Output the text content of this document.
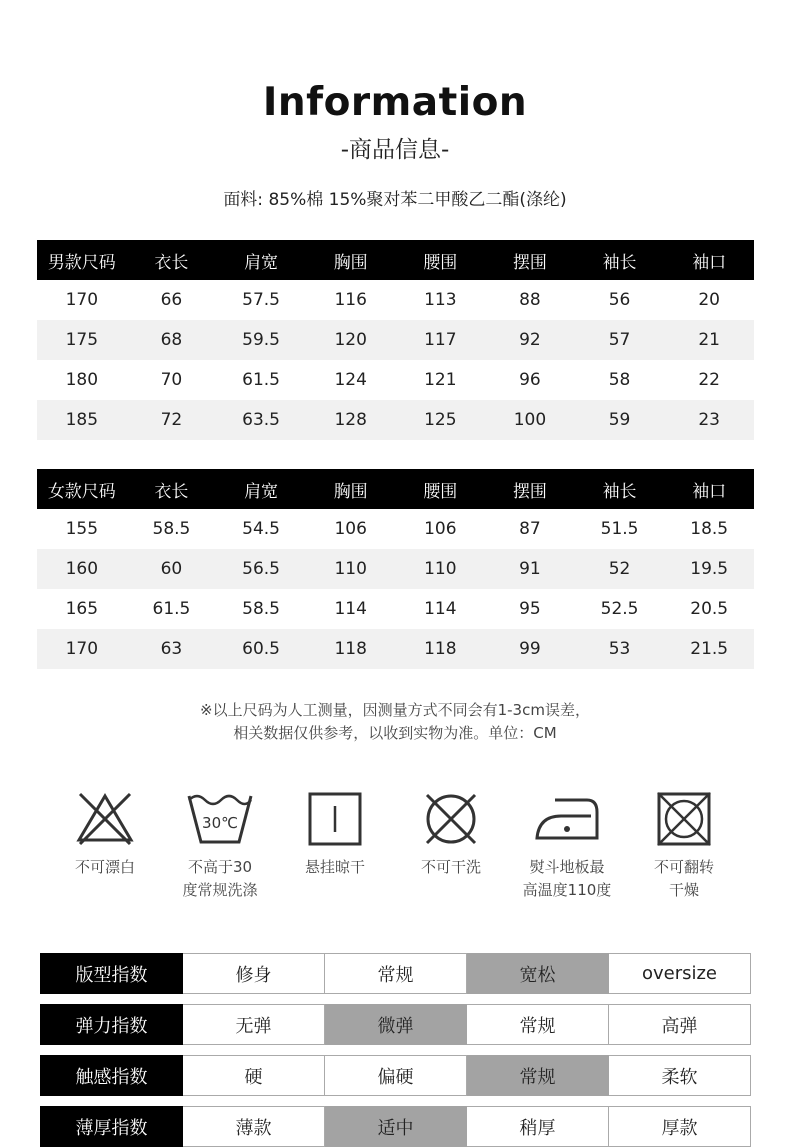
Information
-商品信息-
面料: 85%棉 15%聚对苯二甲酸乙二酯(涤纶)
男款尺码	衣长	肩宽	胸围	腰围	摆围	袖长	袖口
170	66	57.5	116	113	88	56	20
175	68	59.5	120	117	92	57	21
180	70	61.5	124	121	96	58	22
185	72	63.5	128	125	100	59	23
女款尺码	衣长	肩宽	胸围	腰围	摆围	袖长	袖口
155	58.5	54.5	106	106	87	51.5	18.5
160	60	56.5	110	110	91	52	19.5
165	61.5	58.5	114	114	95	52.5	20.5
170	63	60.5	118	118	99	53	21.5
※以上尺码为人工测量，因测量方式不同会有1-3cm误差，
相关数据仅供参考，以收到实物为准。单位：CM
不可漂白
30℃
不高于30
度常规洗涤
悬挂晾干	不可干洗	熨斗地板最
高温度110度
不可翻转
干燥
版型指数	修身	常规	宽松	oversize
弹力指数	无弹	微弹	常规	高弹
触感指数	硬	偏硬	常规	柔软
薄厚指数	薄款	适中	稍厚	厚款
